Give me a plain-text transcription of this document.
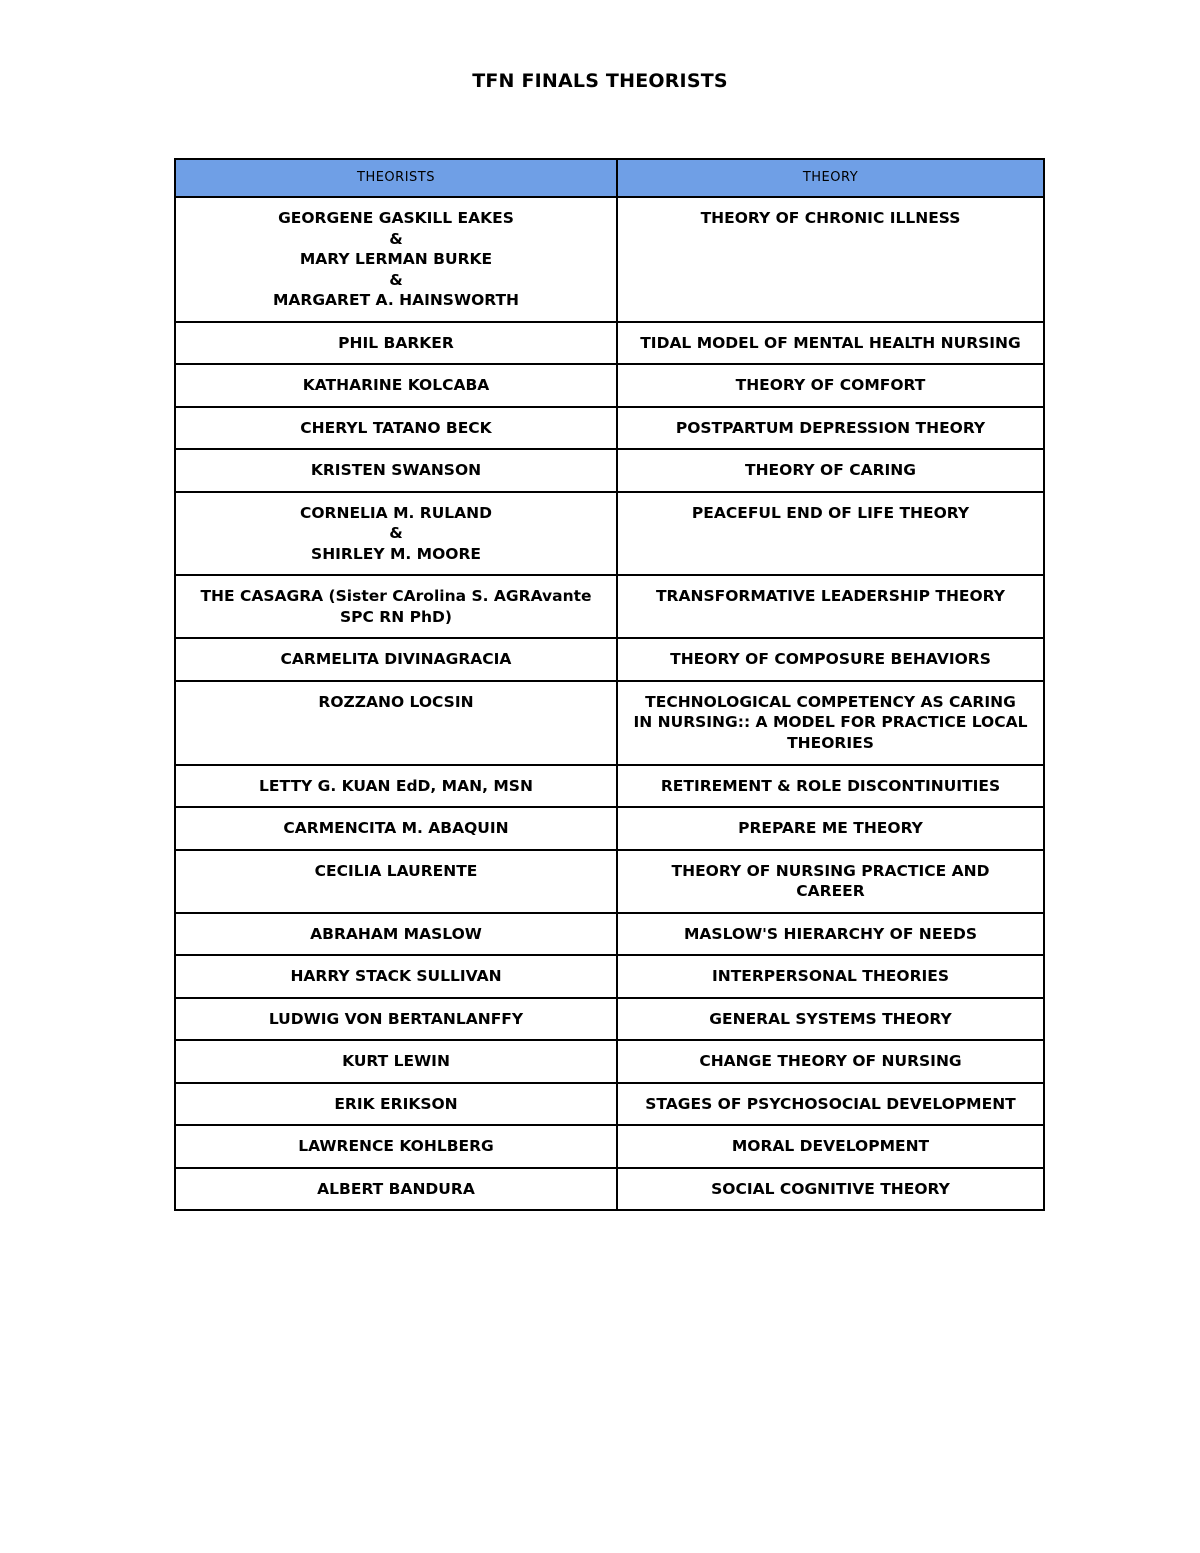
TFN FINALS THEORISTS
THEORISTS	THEORY

GEORGENE GASKILL EAKES
&
MARY LERMAN BURKE
&
MARGARET A. HAINSWORTH	THEORY OF CHRONIC ILLNESS

PHIL BARKER	TIDAL MODEL OF MENTAL HEALTH NURSING

KATHARINE KOLCABA	THEORY OF COMFORT

CHERYL TATANO BECK	POSTPARTUM DEPRESSION THEORY

KRISTEN SWANSON	THEORY OF CARING

CORNELIA M. RULAND
&
SHIRLEY M. MOORE	PEACEFUL END OF LIFE THEORY

THE CASAGRA (Sister CArolina S. AGRAvante
SPC RN PhD)	TRANSFORMATIVE LEADERSHIP THEORY

CARMELITA DIVINAGRACIA	THEORY OF COMPOSURE BEHAVIORS

ROZZANO LOCSIN	TECHNOLOGICAL COMPETENCY AS CARING
IN NURSING:: A MODEL FOR PRACTICE LOCAL
THEORIES

LETTY G. KUAN EdD, MAN, MSN	RETIREMENT & ROLE DISCONTINUITIES

CARMENCITA M. ABAQUIN	PREPARE ME THEORY

CECILIA LAURENTE	THEORY OF NURSING PRACTICE AND
CAREER

ABRAHAM MASLOW	MASLOW'S HIERARCHY OF NEEDS

HARRY STACK SULLIVAN	INTERPERSONAL THEORIES

LUDWIG VON BERTANLANFFY	GENERAL SYSTEMS THEORY

KURT LEWIN	CHANGE THEORY OF NURSING

ERIK ERIKSON	STAGES OF PSYCHOSOCIAL DEVELOPMENT

LAWRENCE KOHLBERG	MORAL DEVELOPMENT

ALBERT BANDURA	SOCIAL COGNITIVE THEORY
